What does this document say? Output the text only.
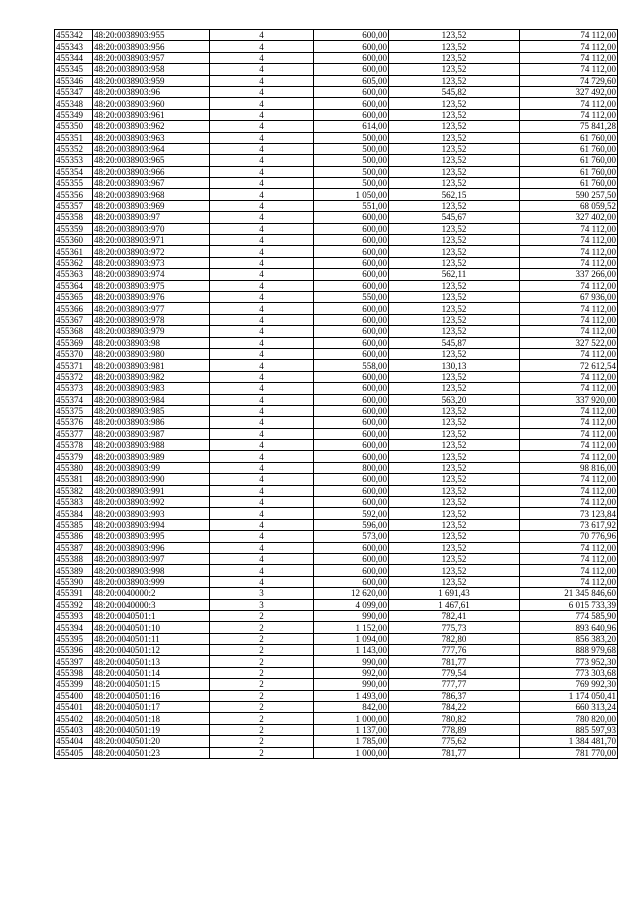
455342	48:20:0038903:955	4	600,00	123,52	74 112,00
455343	48:20:0038903:956	4	600,00	123,52	74 112,00
455344	48:20:0038903:957	4	600,00	123,52	74 112,00
455345	48:20:0038903:958	4	600,00	123,52	74 112,00
455346	48:20:0038903:959	4	605,00	123,52	74 729,60
455347	48:20:0038903:96	4	600,00	545,82	327 492,00
455348	48:20:0038903:960	4	600,00	123,52	74 112,00
455349	48:20:0038903:961	4	600,00	123,52	74 112,00
455350	48:20:0038903:962	4	614,00	123,52	75 841,28
455351	48:20:0038903:963	4	500,00	123,52	61 760,00
455352	48:20:0038903:964	4	500,00	123,52	61 760,00
455353	48:20:0038903:965	4	500,00	123,52	61 760,00
455354	48:20:0038903:966	4	500,00	123,52	61 760,00
455355	48:20:0038903:967	4	500,00	123,52	61 760,00
455356	48:20:0038903:968	4	1 050,00	562,15	590 257,50
455357	48:20:0038903:969	4	551,00	123,52	68 059,52
455358	48:20:0038903:97	4	600,00	545,67	327 402,00
455359	48:20:0038903:970	4	600,00	123,52	74 112,00
455360	48:20:0038903:971	4	600,00	123,52	74 112,00
455361	48:20:0038903:972	4	600,00	123,52	74 112,00
455362	48:20:0038903:973	4	600,00	123,52	74 112,00
455363	48:20:0038903:974	4	600,00	562,11	337 266,00
455364	48:20:0038903:975	4	600,00	123,52	74 112,00
455365	48:20:0038903:976	4	550,00	123,52	67 936,00
455366	48:20:0038903:977	4	600,00	123,52	74 112,00
455367	48:20:0038903:978	4	600,00	123,52	74 112,00
455368	48:20:0038903:979	4	600,00	123,52	74 112,00
455369	48:20:0038903:98	4	600,00	545,87	327 522,00
455370	48:20:0038903:980	4	600,00	123,52	74 112,00
455371	48:20:0038903:981	4	558,00	130,13	72 612,54
455372	48:20:0038903:982	4	600,00	123,52	74 112,00
455373	48:20:0038903:983	4	600,00	123,52	74 112,00
455374	48:20:0038903:984	4	600,00	563,20	337 920,00
455375	48:20:0038903:985	4	600,00	123,52	74 112,00
455376	48:20:0038903:986	4	600,00	123,52	74 112,00
455377	48:20:0038903:987	4	600,00	123,52	74 112,00
455378	48:20:0038903:988	4	600,00	123,52	74 112,00
455379	48:20:0038903:989	4	600,00	123,52	74 112,00
455380	48:20:0038903:99	4	800,00	123,52	98 816,00
455381	48:20:0038903:990	4	600,00	123,52	74 112,00
455382	48:20:0038903:991	4	600,00	123,52	74 112,00
455383	48:20:0038903:992	4	600,00	123,52	74 112,00
455384	48:20:0038903:993	4	592,00	123,52	73 123,84
455385	48:20:0038903:994	4	596,00	123,52	73 617,92
455386	48:20:0038903:995	4	573,00	123,52	70 776,96
455387	48:20:0038903:996	4	600,00	123,52	74 112,00
455388	48:20:0038903:997	4	600,00	123,52	74 112,00
455389	48:20:0038903:998	4	600,00	123,52	74 112,00
455390	48:20:0038903:999	4	600,00	123,52	74 112,00
455391	48:20:0040000:2	3	12 620,00	1 691,43	21 345 846,60
455392	48:20:0040000:3	3	4 099,00	1 467,61	6 015 733,39
455393	48:20:0040501:1	2	990,00	782,41	774 585,90
455394	48:20:0040501:10	2	1 152,00	775,73	893 640,96
455395	48:20:0040501:11	2	1 094,00	782,80	856 383,20
455396	48:20:0040501:12	2	1 143,00	777,76	888 979,68
455397	48:20:0040501:13	2	990,00	781,77	773 952,30
455398	48:20:0040501:14	2	992,00	779,54	773 303,68
455399	48:20:0040501:15	2	990,00	777,77	769 992,30
455400	48:20:0040501:16	2	1 493,00	786,37	1 174 050,41
455401	48:20:0040501:17	2	842,00	784,22	660 313,24
455402	48:20:0040501:18	2	1 000,00	780,82	780 820,00
455403	48:20:0040501:19	2	1 137,00	778,89	885 597,93
455404	48:20:0040501:20	2	1 785,00	775,62	1 384 481,70
455405	48:20:0040501:23	2	1 000,00	781,77	781 770,00
